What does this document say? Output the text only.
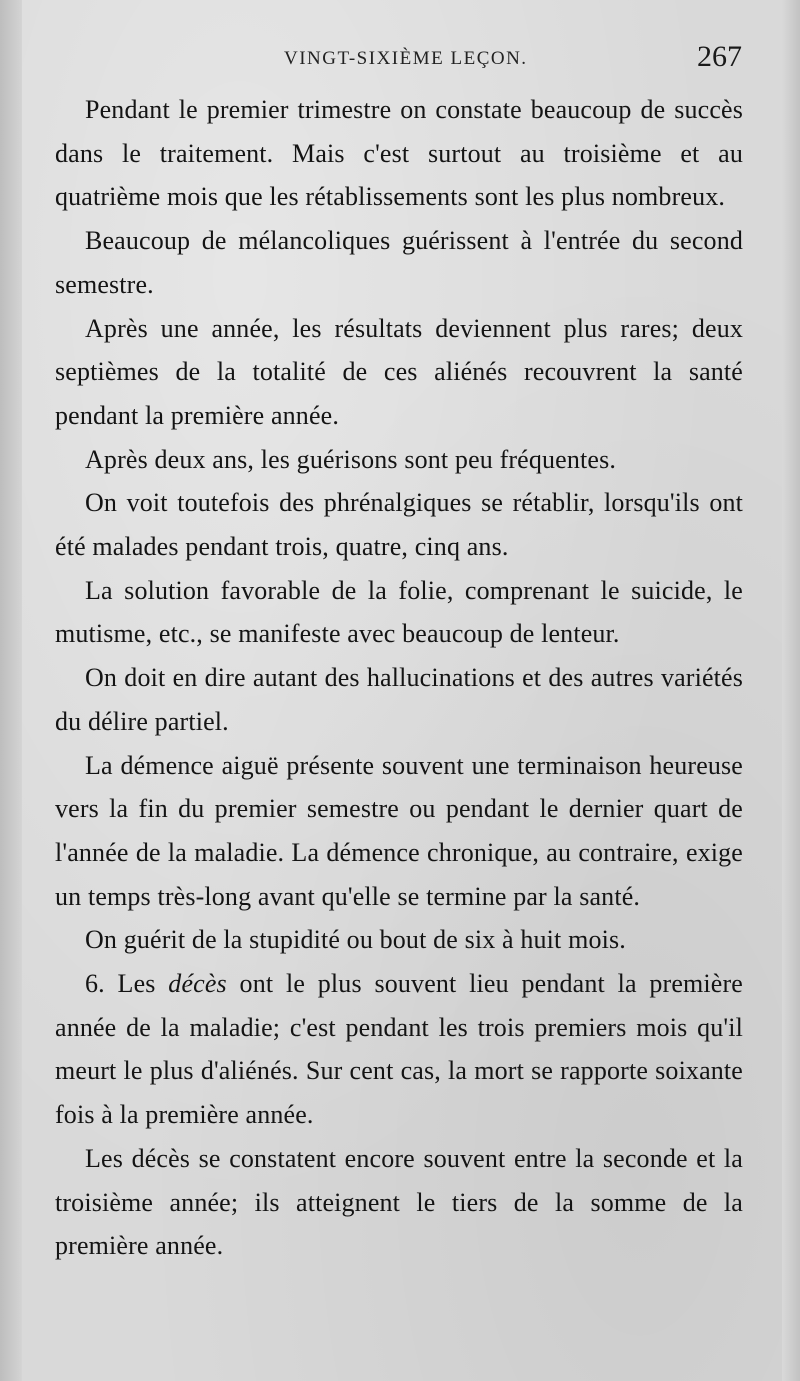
VINGT-SIXIÈME LEÇON.	267

Pendant le premier trimestre on constate beaucoup de succès dans le traitement. Mais c'est surtout au troisième et au quatrième mois que les rétablissements sont les plus nombreux.

Beaucoup de mélancoliques guérissent à l'entrée du second semestre.

Après une année, les résultats deviennent plus rares; deux septièmes de la totalité de ces aliénés recouvrent la santé pendant la première année.

Après deux ans, les guérisons sont peu fréquentes.

On voit toutefois des phrénalgiques se rétablir, lorsqu'ils ont été malades pendant trois, quatre, cinq ans.

La solution favorable de la folie, comprenant le suicide, le mutisme, etc., se manifeste avec beaucoup de lenteur.

On doit en dire autant des hallucinations et des autres variétés du délire partiel.

La démence aiguë présente souvent une terminaison heureuse vers la fin du premier semestre ou pendant le dernier quart de l'année de la maladie. La démence chronique, au contraire, exige un temps très-long avant qu'elle se termine par la santé.

On guérit de la stupidité ou bout de six à huit mois.

6. Les décès ont le plus souvent lieu pendant la première année de la maladie; c'est pendant les trois premiers mois qu'il meurt le plus d'aliénés. Sur cent cas, la mort se rapporte soixante fois à la première année.

Les décès se constatent encore souvent entre la seconde et la troisième année; ils atteignent le tiers de la somme de la première année.
